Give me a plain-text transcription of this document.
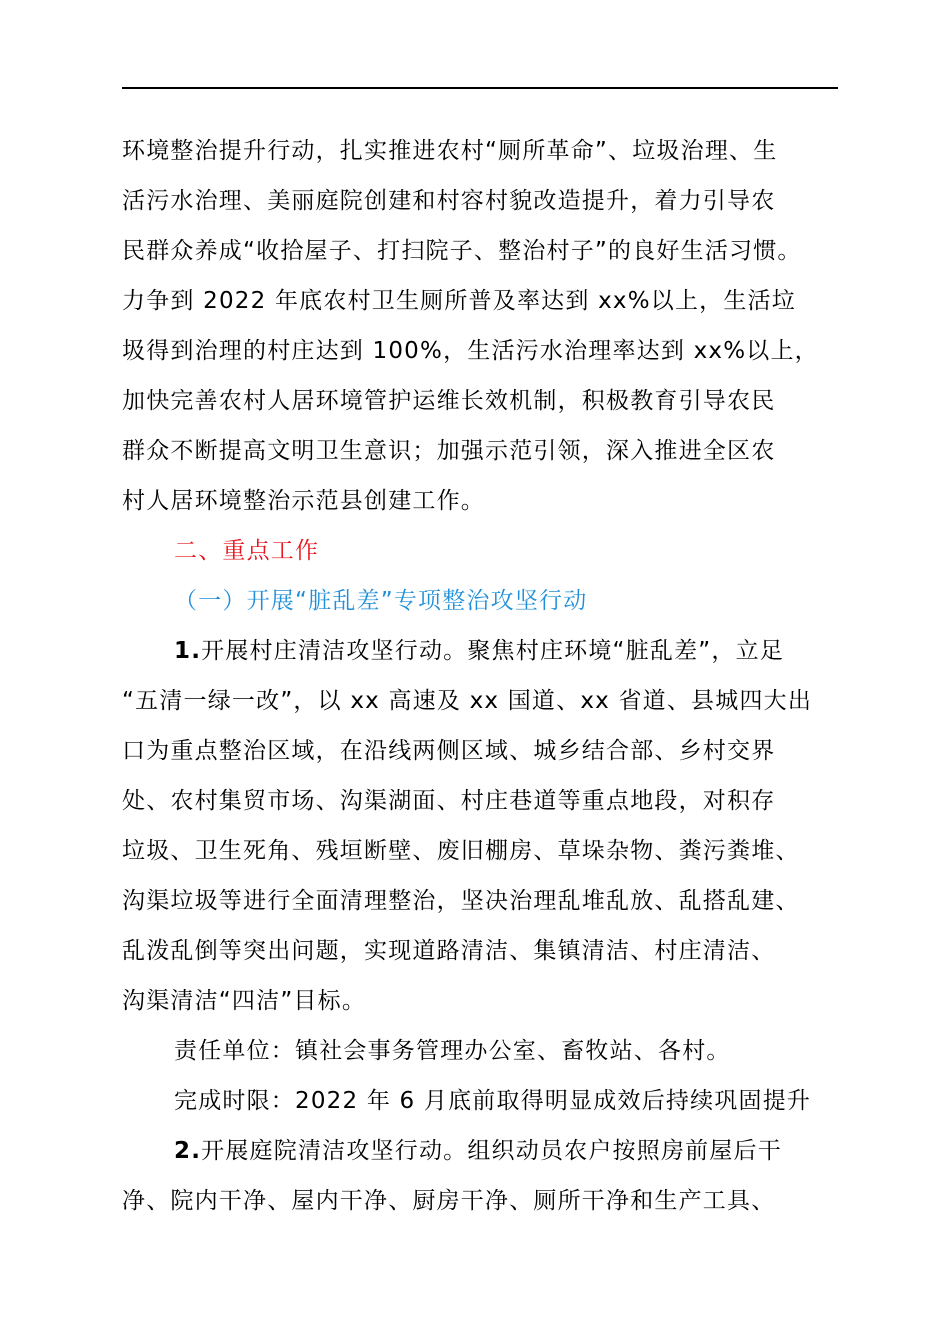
环境整治提升行动，扎实推进农村“厕所革命”、垃圾治理、生
活污水治理、美丽庭院创建和村容村貌改造提升，着力引导农
民群众养成“收拾屋子、打扫院子、整治村子”的良好生活习惯。
力争到 2022 年底农村卫生厕所普及率达到 xx%以上，生活垃
圾得到治理的村庄达到 100%，生活污水治理率达到 xx%以上，
加快完善农村人居环境管护运维长效机制，积极教育引导农民
群众不断提高文明卫生意识；加强示范引领，深入推进全区农
村人居环境整治示范县创建工作。
二、重点工作
（一）开展“脏乱差”专项整治攻坚行动
1.开展村庄清洁攻坚行动。聚焦村庄环境“脏乱差”，立足
“五清一绿一改”，以 xx 高速及 xx 国道、xx 省道、县城四大出
口为重点整治区域，在沿线两侧区域、城乡结合部、乡村交界
处、农村集贸市场、沟渠湖面、村庄巷道等重点地段，对积存
垃圾、卫生死角、残垣断壁、废旧棚房、草垛杂物、粪污粪堆、
沟渠垃圾等进行全面清理整治，坚决治理乱堆乱放、乱搭乱建、
乱泼乱倒等突出问题，实现道路清洁、集镇清洁、村庄清洁、
沟渠清洁“四洁”目标。
责任单位：镇社会事务管理办公室、畜牧站、各村。
完成时限：2022 年 6 月底前取得明显成效后持续巩固提升
2.开展庭院清洁攻坚行动。组织动员农户按照房前屋后干
净、院内干净、屋内干净、厨房干净、厕所干净和生产工具、
